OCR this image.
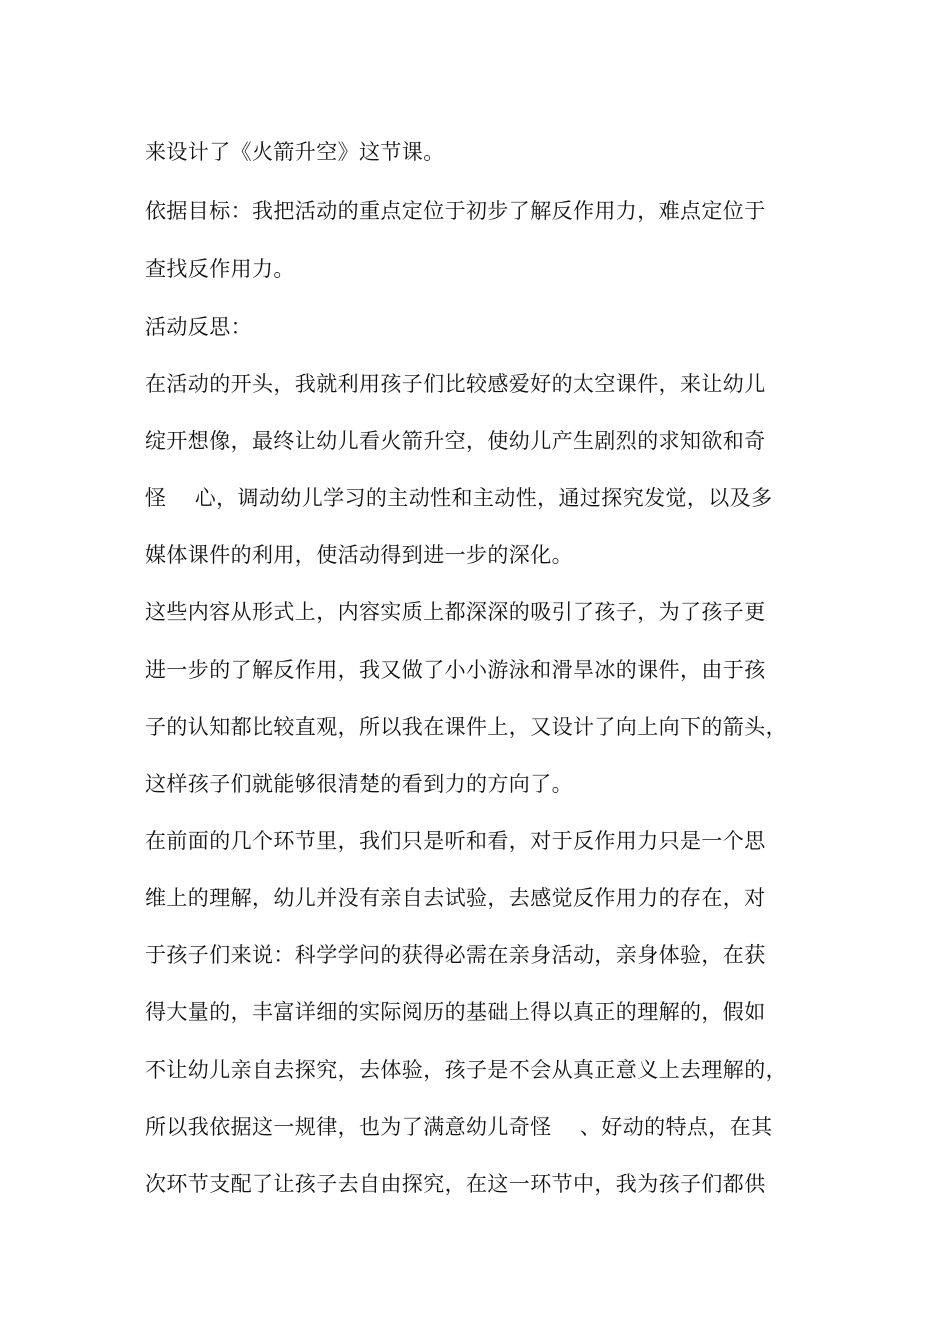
来设计了《火箭升空》这节课。
依据目标：我把活动的重点定位于初步了解反作用力，难点定位于
查找反作用力。
活动反思：
在活动的开头，我就利用孩子们比较感爱好的太空课件，来让幼儿
绽开想像，最终让幼儿看火箭升空，使幼儿产生剧烈的求知欲和奇
怪    心，调动幼儿学习的主动性和主动性，通过探究发觉，以及多
媒体课件的利用，使活动得到进一步的深化。
这些内容从形式上，内容实质上都深深的吸引了孩子，为了孩子更
进一步的了解反作用，我又做了小小游泳和滑旱冰的课件，由于孩
子的认知都比较直观，所以我在课件上，又设计了向上向下的箭头，
这样孩子们就能够很清楚的看到力的方向了。
在前面的几个环节里，我们只是听和看，对于反作用力只是一个思
维上的理解，幼儿并没有亲自去试验，去感觉反作用力的存在，对
于孩子们来说：科学学问的获得必需在亲身活动，亲身体验，在获
得大量的，丰富详细的实际阅历的基础上得以真正的理解的，假如
不让幼儿亲自去探究，去体验，孩子是不会从真正意义上去理解的，
所以我依据这一规律，也为了满意幼儿奇怪    、好动的特点，在其
次环节支配了让孩子去自由探究，在这一环节中，我为孩子们都供
